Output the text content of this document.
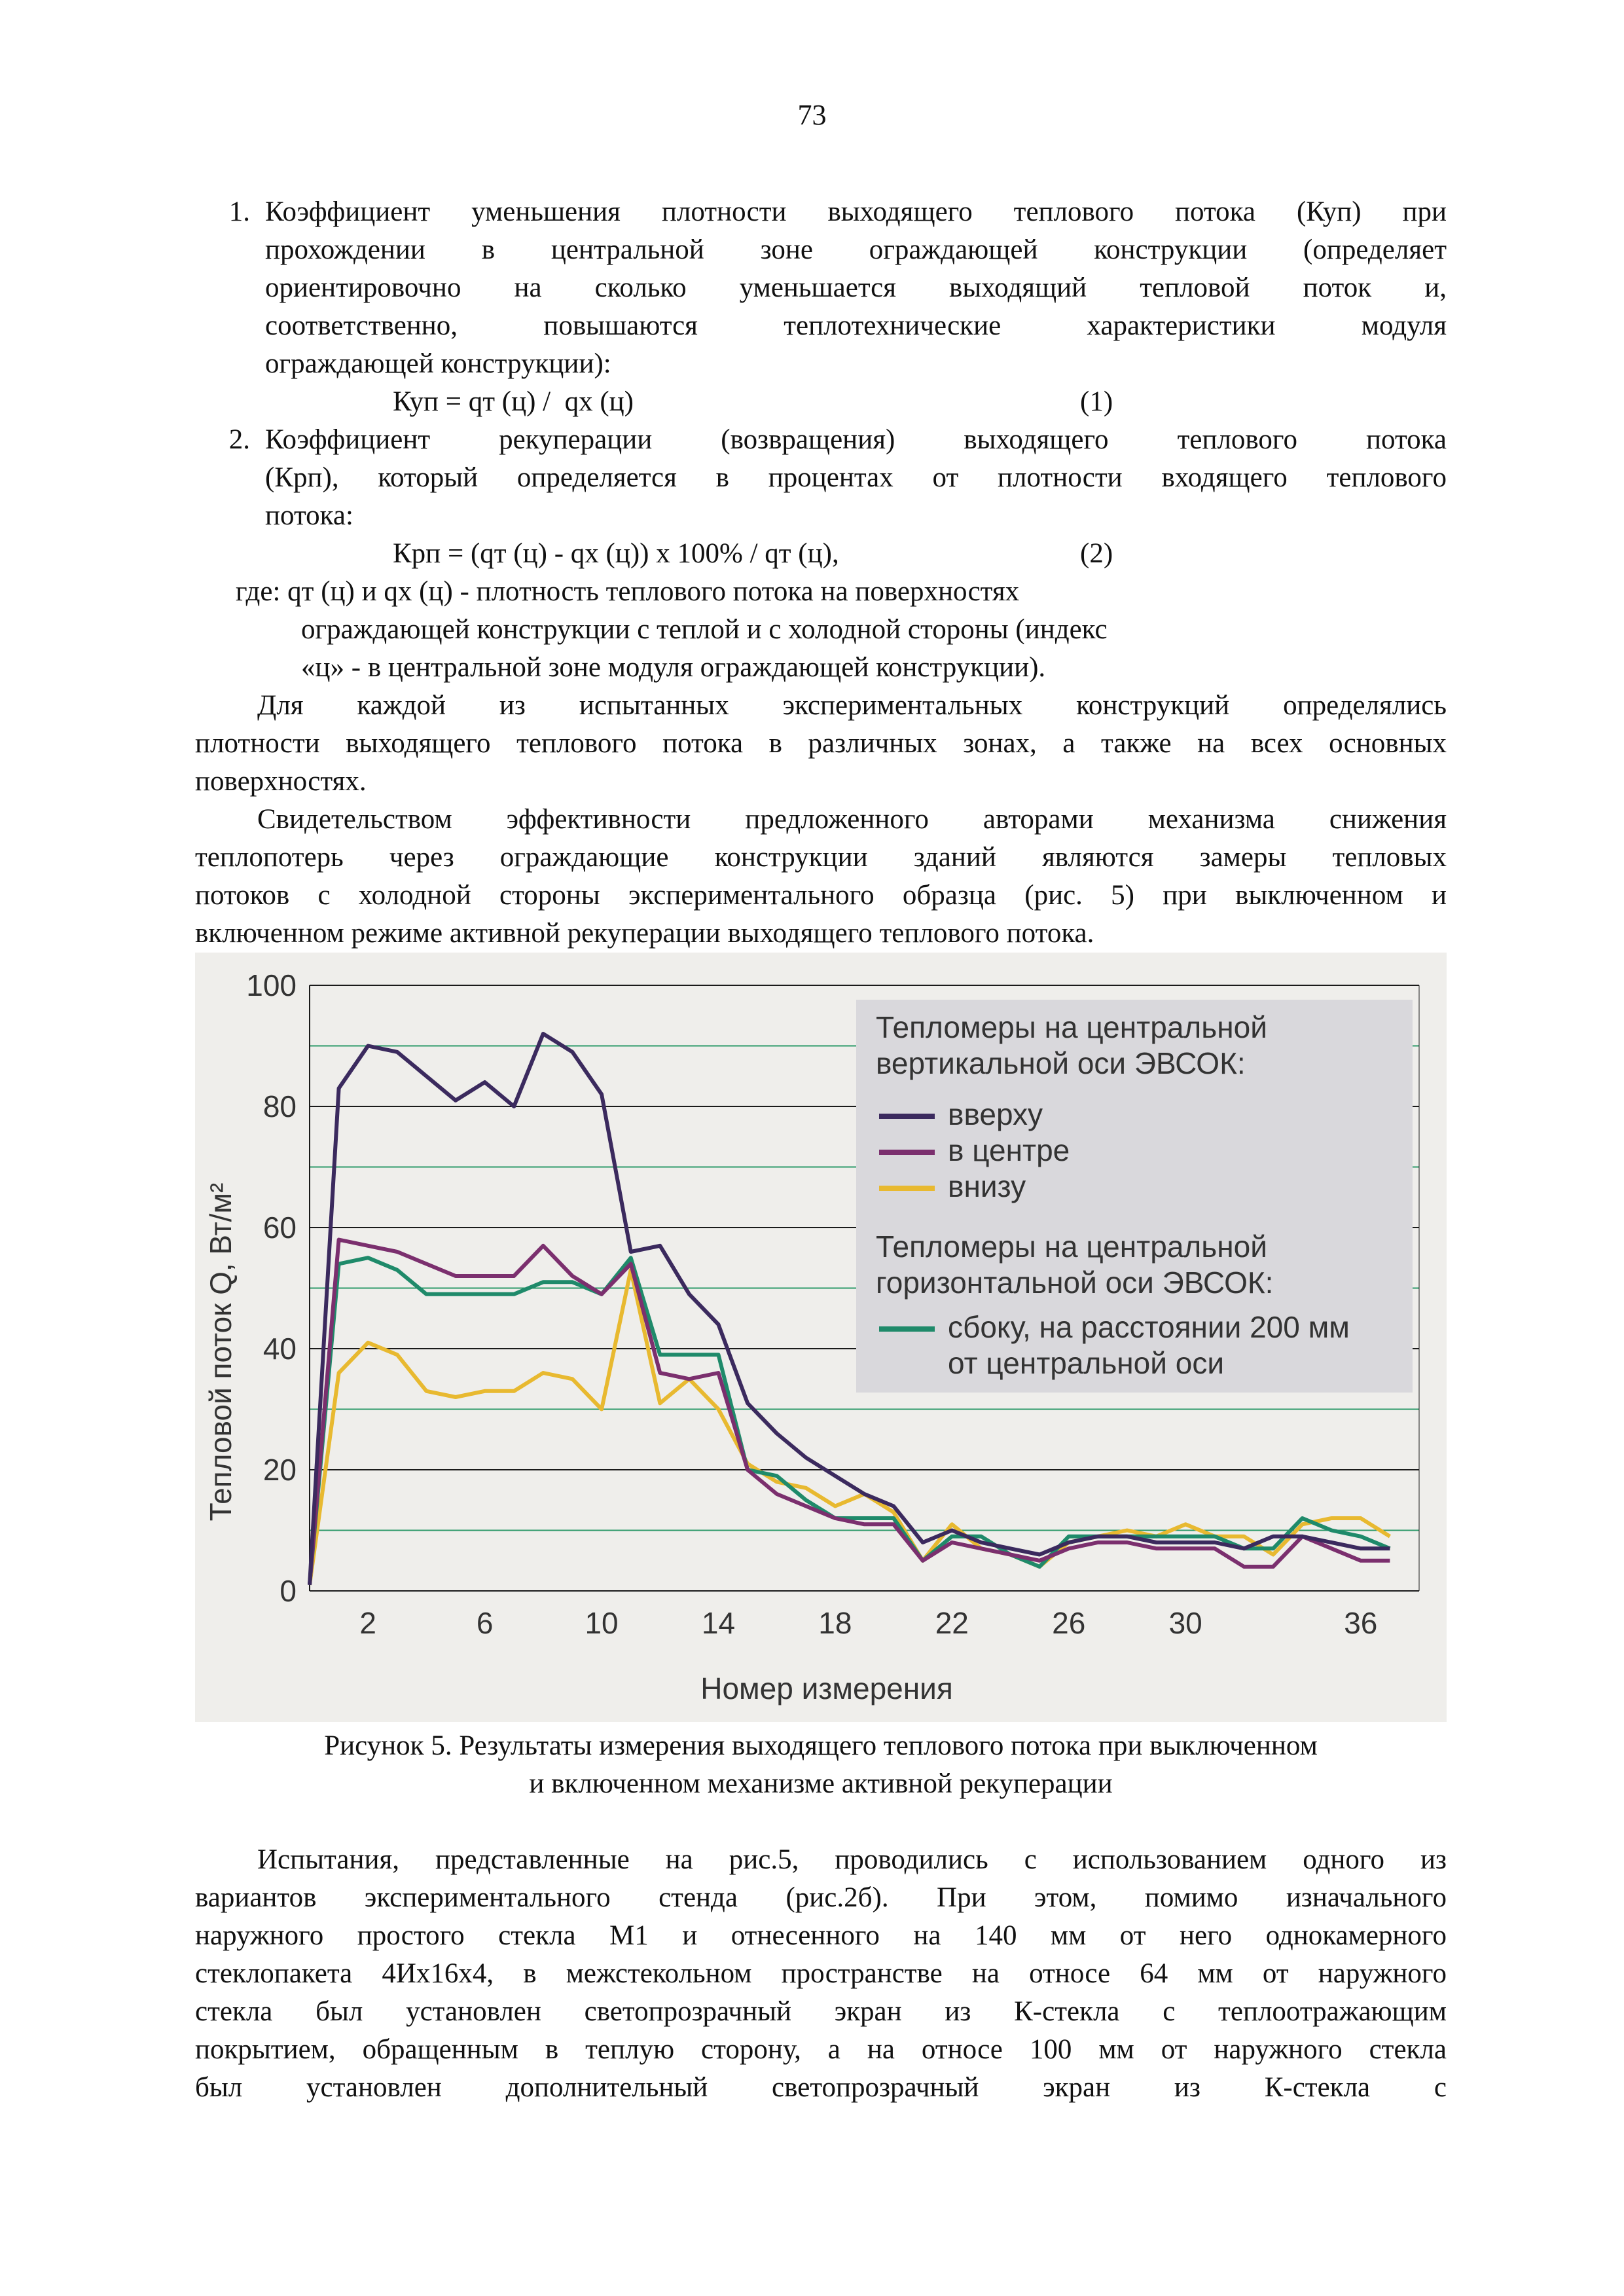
73
1. Коэффициент уменьшения плотности выходящего теплового потока (Куп) при
прохождении в центральной зоне ограждающей конструкции (определяет
ориентировочно на сколько уменьшается выходящий тепловой поток и,
соответственно, повышаются теплотехнические характеристики модуля
ограждающей конструкции):
Куп = qт (ц) /  qх (ц)	(1)
2. Коэффициент рекуперации (возвращения) выходящего теплового потока
(Крп), который определяется в процентах от плотности входящего теплового
потока:
Крп = (qт (ц) - qх (ц)) х 100% / qт (ц),	(2)
где: qт (ц) и qх (ц) - плотность теплового потока на поверхностях
ограждающей конструкции с теплой и с холодной стороны (индекс
«ц» - в центральной зоне модуля ограждающей конструкции).
Для каждой из испытанных экспериментальных конструкций определялись
плотности выходящего теплового потока в различных зонах, а также на всех основных
поверхностях.
Свидетельством эффективности предложенного авторами механизма снижения
теплопотерь через ограждающие конструкции зданий являются замеры тепловых
потоков с холодной стороны экспериментального образца (рис. 5) при выключенном и
включенном режиме активной рекуперации выходящего теплового потока.
0
20
40
60
80
100
2	6	10	14	18	22	26	30	36
Тепломеры на центральной
вертикальной оси ЭВСОК:
вверху
в центре
внизу
Тепломеры на центральной
горизонтальной оси ЭВСОК:
сбоку, на расстоянии 200 мм
от центральной оси
Тепловой поток Q, Вт/м²
Номер измерения
Рисунок 5. Результаты измерения выходящего теплового потока при выключенном
и включенном механизме активной рекуперации
Испытания, представленные на рис.5, проводились с использованием одного из
вариантов экспериментального стенда (рис.2б). При этом, помимо изначального
наружного простого стекла М1 и отнесенного на 140 мм от него однокамерного
стеклопакета 4Их16х4, в межстекольном пространстве на относе 64 мм от наружного
стекла был установлен светопрозрачный экран из К-стекла с теплоотражающим
покрытием, обращенным в теплую сторону, а на относе 100 мм от наружного стекла
был установлен дополнительный светопрозрачный экран из К-стекла с
